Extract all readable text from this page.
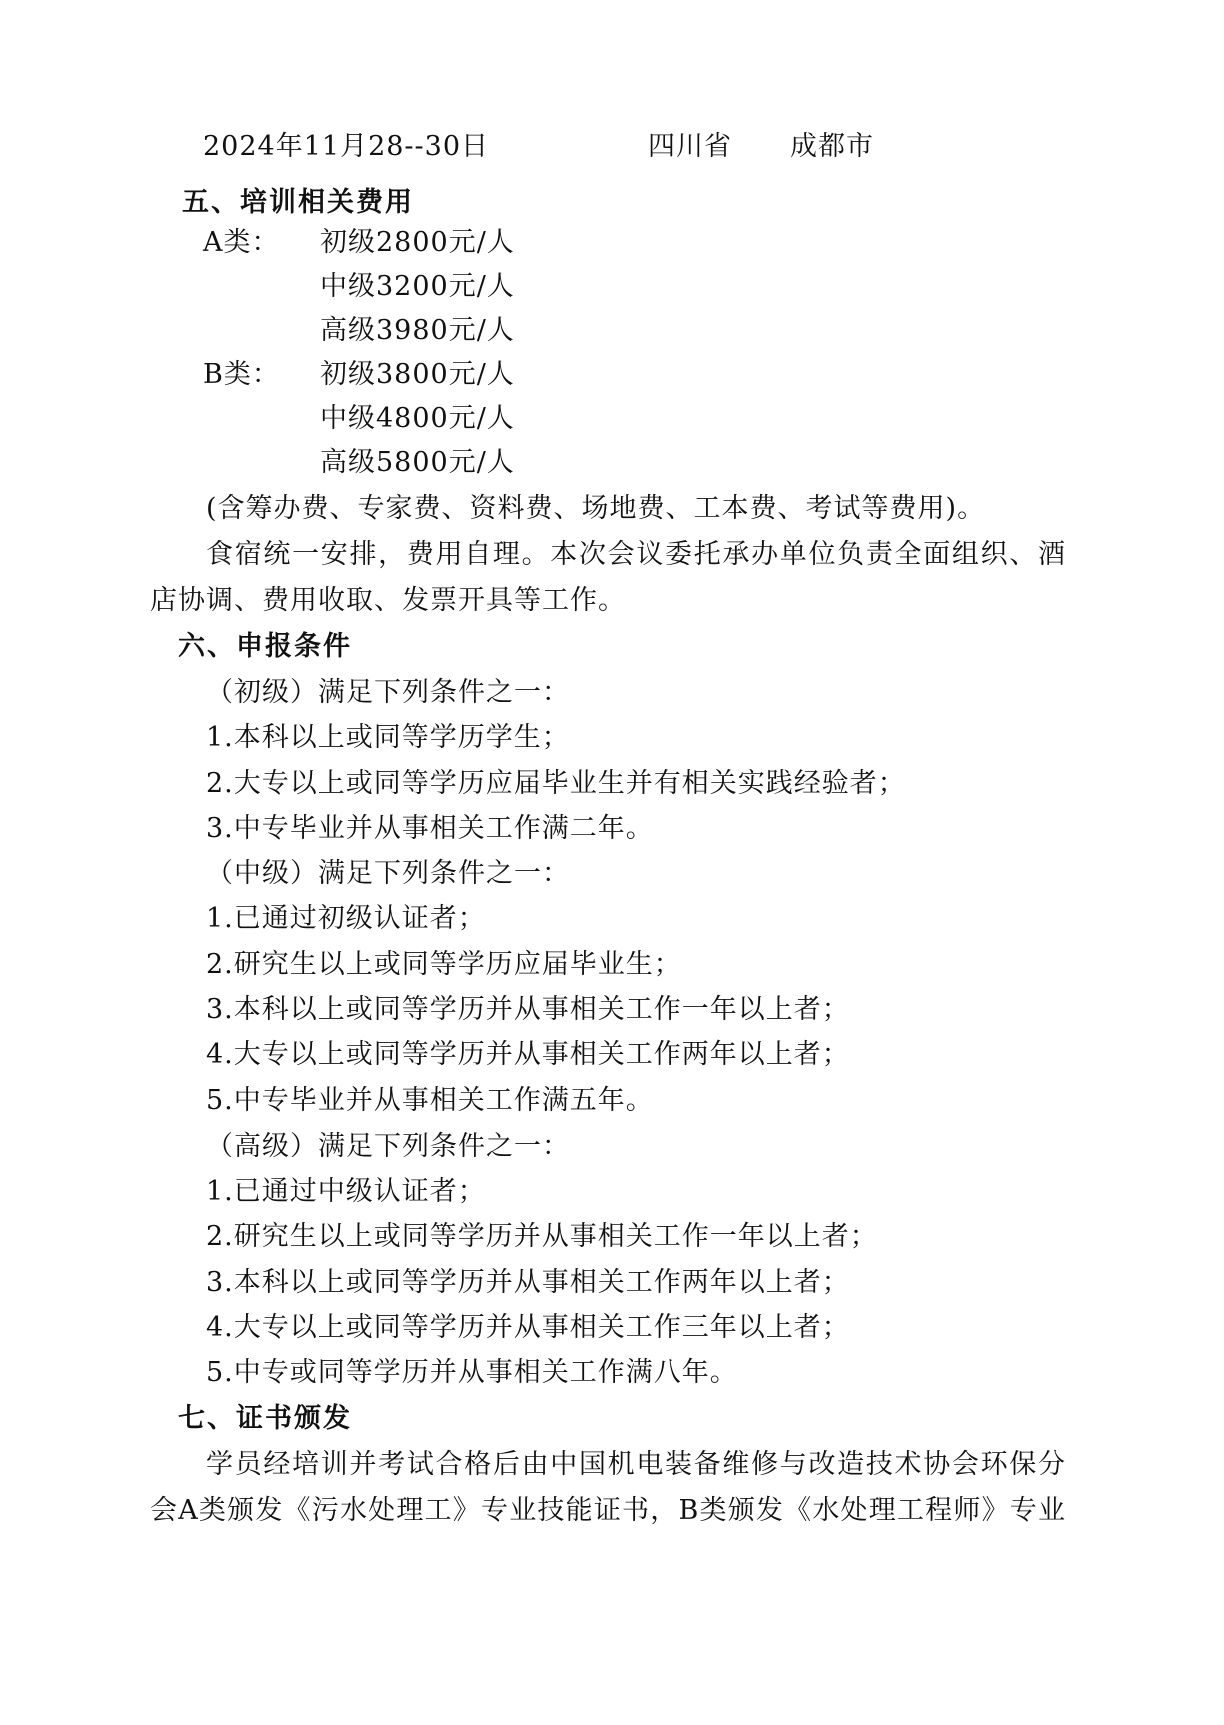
2024年11月28--30日	四川省 成都市
五、培训相关费用
A类： 初级2800元/人
中级3200元/人
高级3980元/人
B类： 初级3800元/人
中级4800元/人
高级5800元/人
(含筹办费、专家费、资料费、场地费、工本费、考试等费用)。
食宿统一安排，费用自理。本次会议委托承办单位负责全面组织、酒
店协调、费用收取、发票开具等工作。
六、申报条件
（初级）满足下列条件之一：
1.本科以上或同等学历学生；
2.大专以上或同等学历应届毕业生并有相关实践经验者；
3.中专毕业并从事相关工作满二年。
（中级）满足下列条件之一：
1.已通过初级认证者；
2.研究生以上或同等学历应届毕业生；
3.本科以上或同等学历并从事相关工作一年以上者；
4.大专以上或同等学历并从事相关工作两年以上者；
5.中专毕业并从事相关工作满五年。
（高级）满足下列条件之一：
1.已通过中级认证者；
2.研究生以上或同等学历并从事相关工作一年以上者；
3.本科以上或同等学历并从事相关工作两年以上者；
4.大专以上或同等学历并从事相关工作三年以上者；
5.中专或同等学历并从事相关工作满八年。
七、证书颁发
学员经培训并考试合格后由中国机电装备维修与改造技术协会环保分
会A类颁发《污水处理工》专业技能证书，B类颁发《水处理工程师》专业
